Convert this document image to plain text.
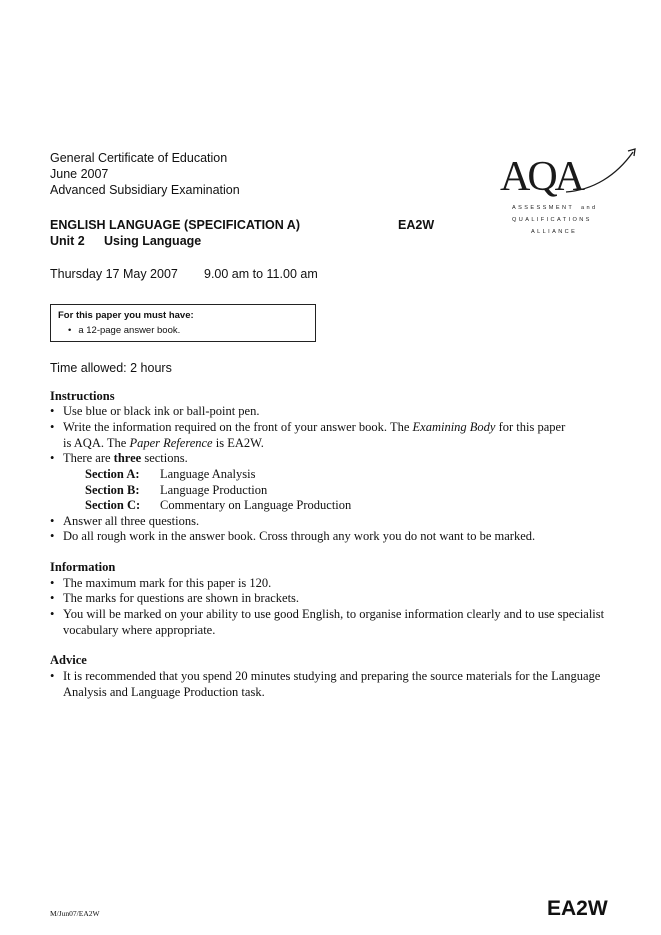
General Certificate of Education
June 2007
Advanced Subsidiary Examination	AQA
ASSESSMENT and
QUALIFICATIONS
ALLIANCE
ENGLISH LANGUAGE (SPECIFICATION A)	EA2W
Unit 2 Using Language
Thursday 17 May 2007 9.00 am to 11.00 am
For this paper you must have:
• a 12-page answer book.
Time allowed: 2 hours
Instructions
• Use blue or black ink or ball-point pen.
• Write the information required on the front of your answer book. The Examining Body for this paper
is AQA. The Paper Reference is EA2W.
• There are three sections.
Section A: Language Analysis
Section B: Language Production
Section C: Commentary on Language Production
• Answer all three questions.
• Do all rough work in the answer book. Cross through any work you do not want to be marked.
Information
• The maximum mark for this paper is 120.
• The marks for questions are shown in brackets.
• You will be marked on your ability to use good English, to organise information clearly and to use specialist vocabulary where appropriate.
Advice
• It is recommended that you spend 20 minutes studying and preparing the source materials for the Language Analysis and Language Production task.
M/Jun07/EA2W	EA2W
